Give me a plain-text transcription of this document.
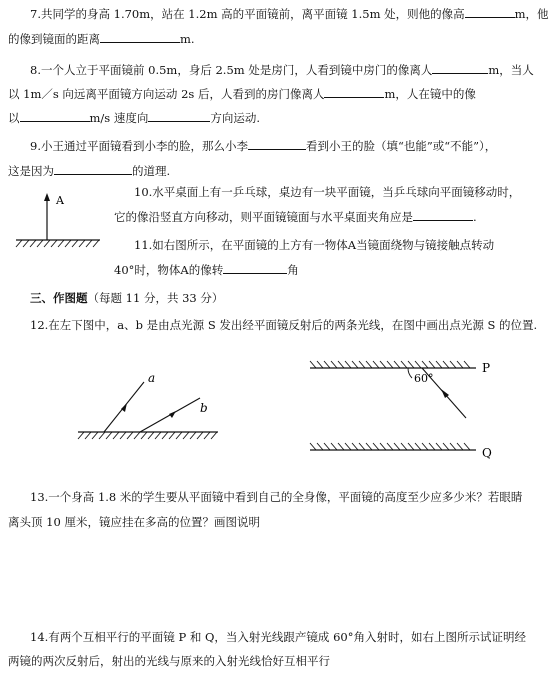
7.共同学的身高 1.70m，站在 1.2m 高的平面镜前，离平面镜 1.5m 处，则他的像高	m，他
的像到镜面的距离	m.
8.一个人立于平面镜前 0.5m，身后 2.5m 处是房门，人看到镜中房门的像离人	m，当人
以 1m／s 向远离平面镜方向运动 2s 后，人看到的房门像离人	m，人在镜中的像
以	m/s 速度向	方向运动.
9.小王通过平面镜看到小李的脸，那么小李	看到小王的脸（填“也能”或“不能”），
这是因为	的道理.
A
10.水平桌面上有一乒乓球，桌边有一块平面镜，当乒乓球向平面镜移动时，
它的像沿竖直方向移动，则平面镜镜面与水平桌面夹角应是	.
11.如右图所示，在平面镜的上方有一物体A当镜面绕物与镜接触点转动
40°时，物体A的像转	角
三、作图题（每题 11 分，共 33 分）
12.在左下图中，a、b 是由点光源 S 发出经平面镜反射后的两条光线，在图中画出点光源 S 的位置.
a
b
P
Q
60°
13.一个身高 1.8 米的学生要从平面镜中看到自己的全身像，平面镜的高度至少应多少米？若眼睛
离头顶 10 厘米，镜应挂在多高的位置？画图说明
14.有两个互相平行的平面镜 P 和 Q，当入射光线跟产镜成 60°角入射时，如右上图所示试证明经
两镜的两次反射后，射出的光线与原来的入射光线恰好互相平行
